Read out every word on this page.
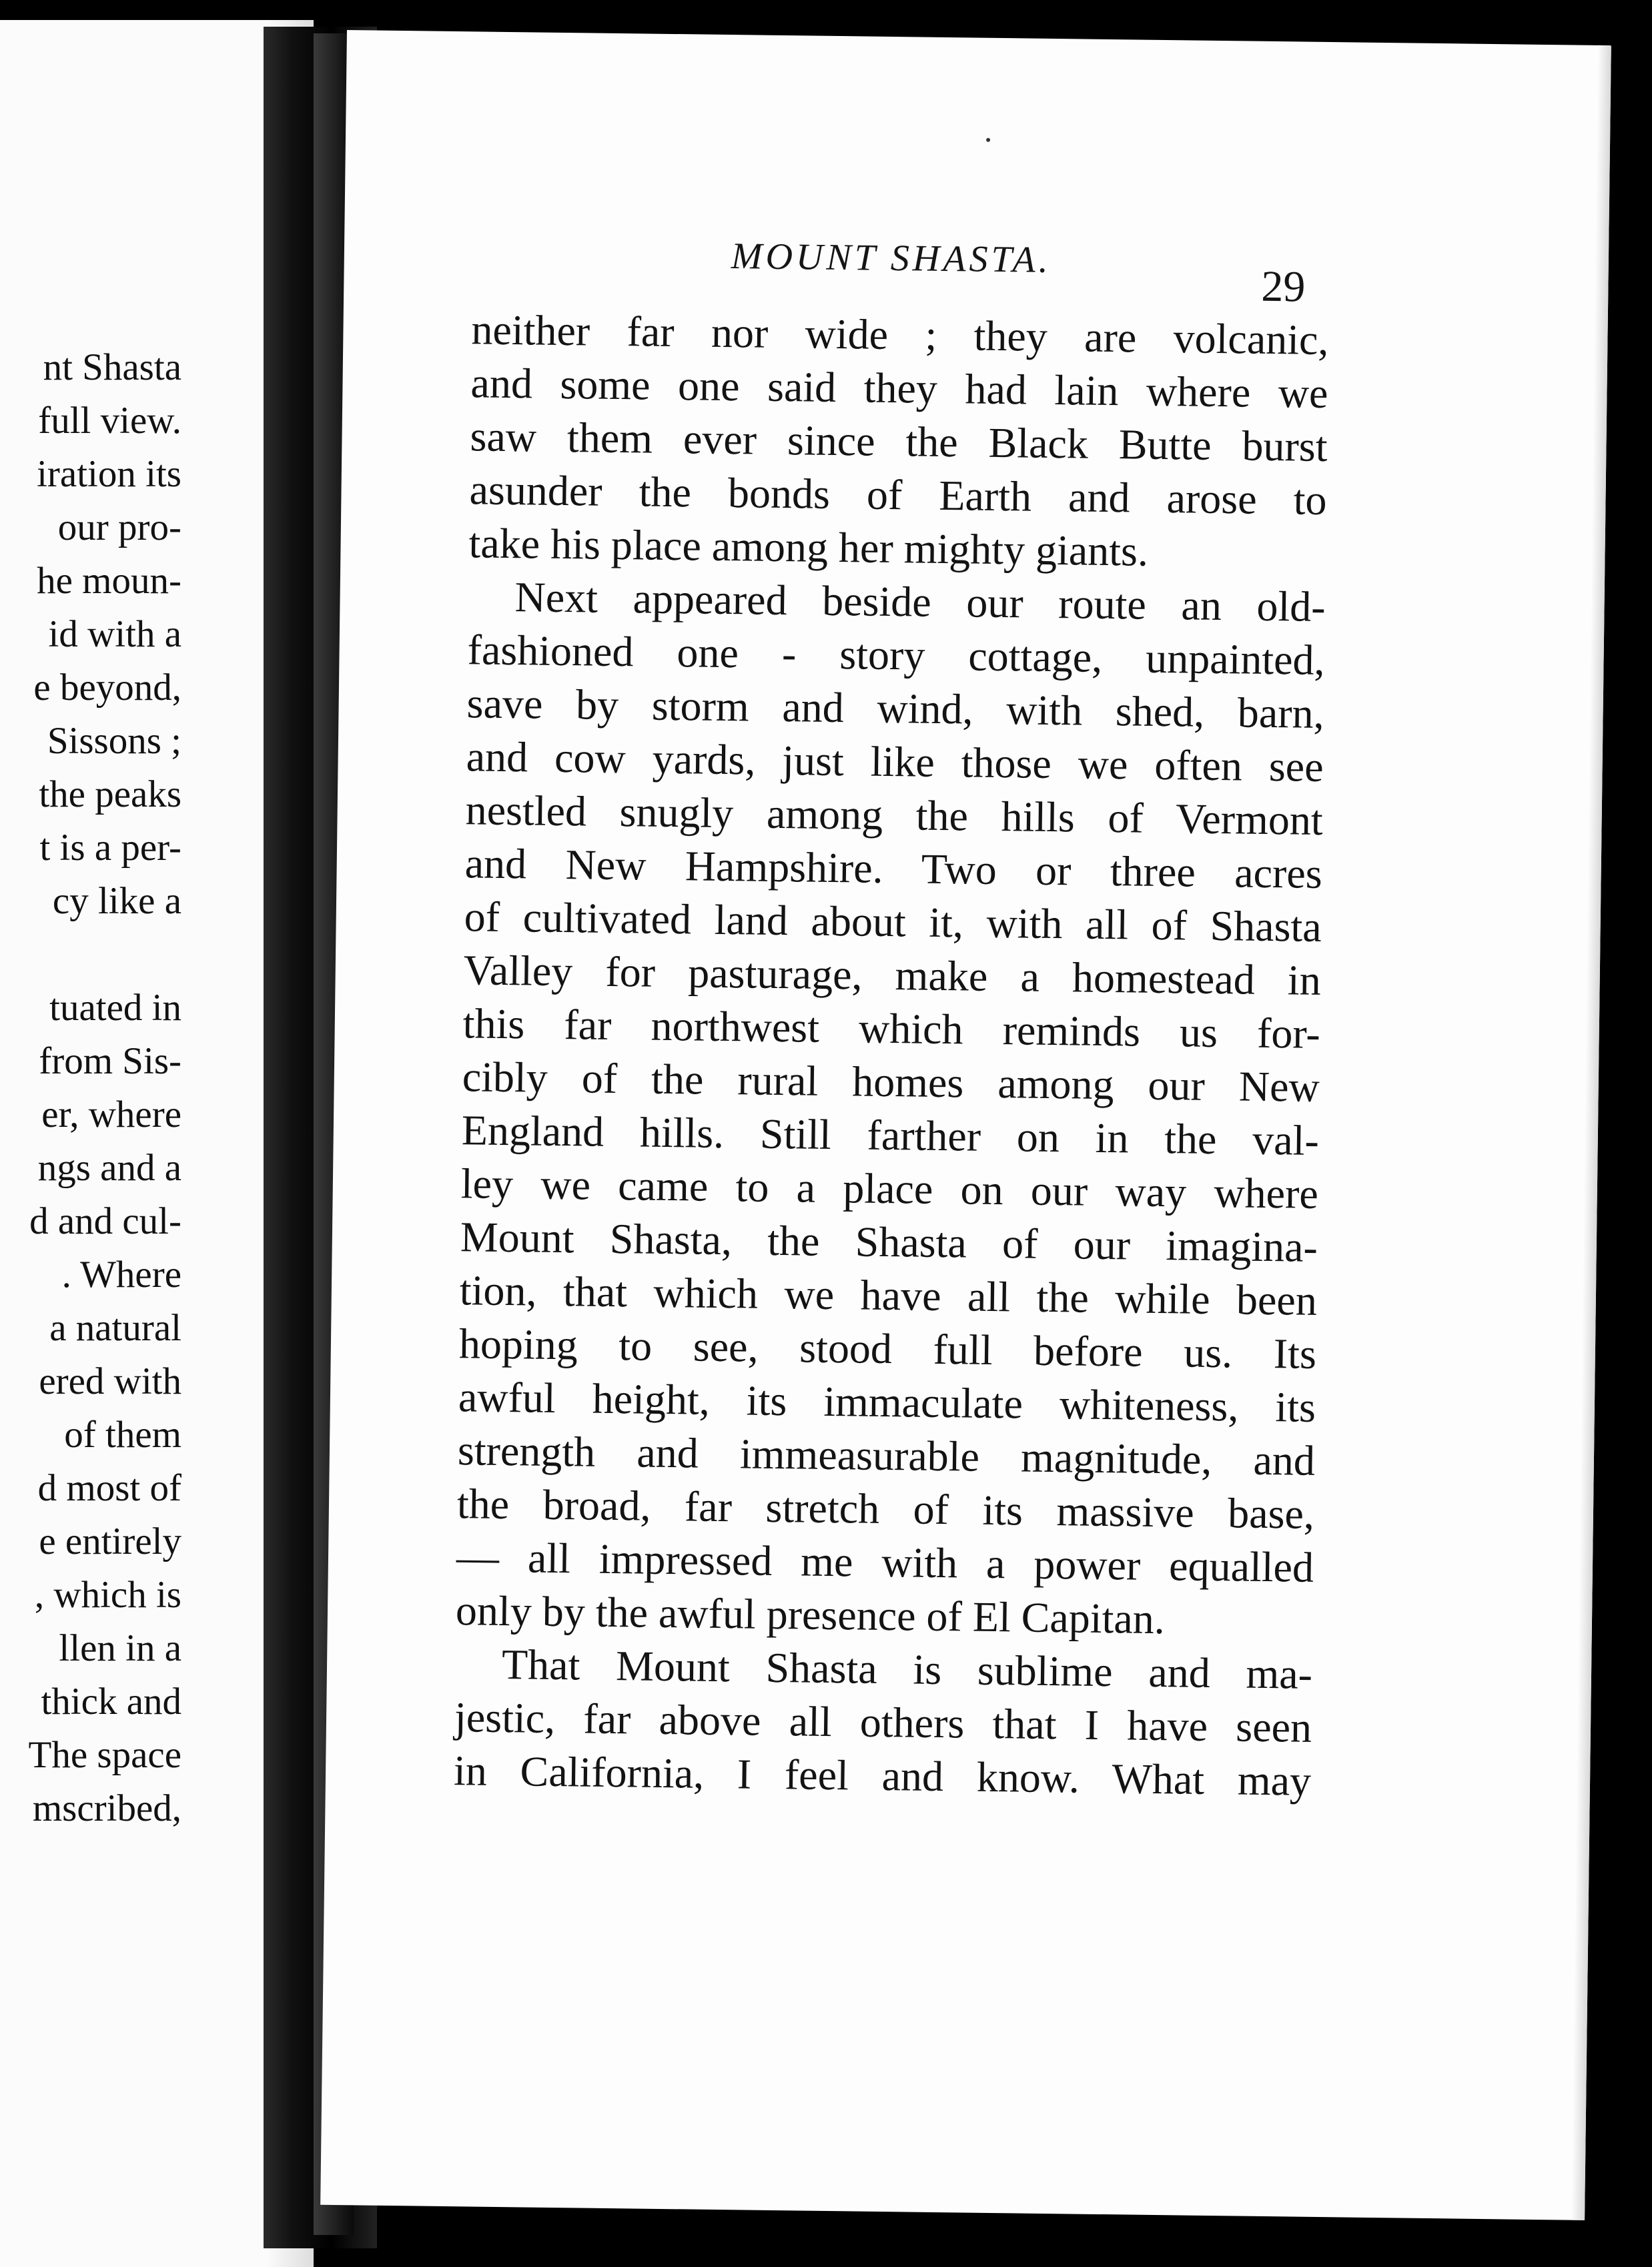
nt Shasta
full view.
iration its
our pro-
he moun-
id with a
e beyond,
Sissons ;
the peaks
t is a per-
cy like a
tuated in
from Sis-
er, where
ngs and a
d and cul-
. Where
a natural
ered with
of them
d most of
e entirely
, which is
llen in a
thick and
The space
mscribed,
MOUNT SHASTA.
29
neither far nor wide ; they are volcanic,
and some one said they had lain where we
saw them ever since the Black Butte burst
asunder the bonds of Earth and arose to
take his place among her mighty giants.
Next appeared beside our route an old-
fashioned one - story cottage, unpainted,
save by storm and wind, with shed, barn,
and cow yards, just like those we often see
nestled snugly among the hills of Vermont
and New Hampshire. Two or three acres
of cultivated land about it, with all of Shasta
Valley for pasturage, make a homestead in
this far northwest which reminds us for-
cibly of the rural homes among our New
England hills. Still farther on in the val-
ley we came to a place on our way where
Mount Shasta, the Shasta of our imagina-
tion, that which we have all the while been
hoping to see, stood full before us. Its
awful height, its immaculate whiteness, its
strength and immeasurable magnitude, and
the broad, far stretch of its massive base,
— all impressed me with a power equalled
only by the awful presence of El Capitan.
That Mount Shasta is sublime and ma-
jestic, far above all others that I have seen
in California, I feel and know. What may
